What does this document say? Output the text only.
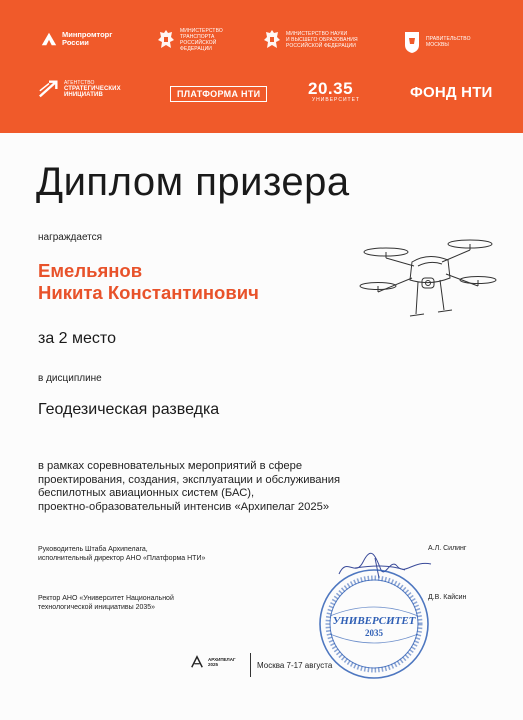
Минпромторг России
МИНИСТЕРСТВО
ТРАНСПОРТА
РОССИЙСКОЙ
ФЕДЕРАЦИИ
МИНИСТЕРСТВО НАУКИ
И ВЫСШЕГО ОБРАЗОВАНИЯ
РОССИЙСКОЙ ФЕДЕРАЦИИ
ПРАВИТЕЛЬСТВО
МОСКВЫ
АГЕНТСТВО
СТРАТЕГИЧЕСКИХ
ИНИЦИАТИВ	ПЛАТФОРМА НТИ	20.35
УНИВЕРСИТЕТ	ФОНД НТИ
Диплом призера
награждается
Емельянов
Никита Константинович
за 2 место
в дисциплине
Геодезическая разведка
в рамках соревновательных мероприятий в сфере
проектирования, создания, эксплуатации и обслуживания
беспилотных авиационных систем (БАС),
проектно-образовательный интенсив «Архипелаг 2025»
Руководитель Штаба Архипелага,
исполнительный директор АНО «Платформа НТИ»
А.Л. Силинг
Ректор АНО «Университет Национальной
технологической инициативы 2035»
Д.В. Кайсин
УНИВЕРСИТЕТ
2035
АРХИПЕЛАГ
2025	Москва 7-17 августа
